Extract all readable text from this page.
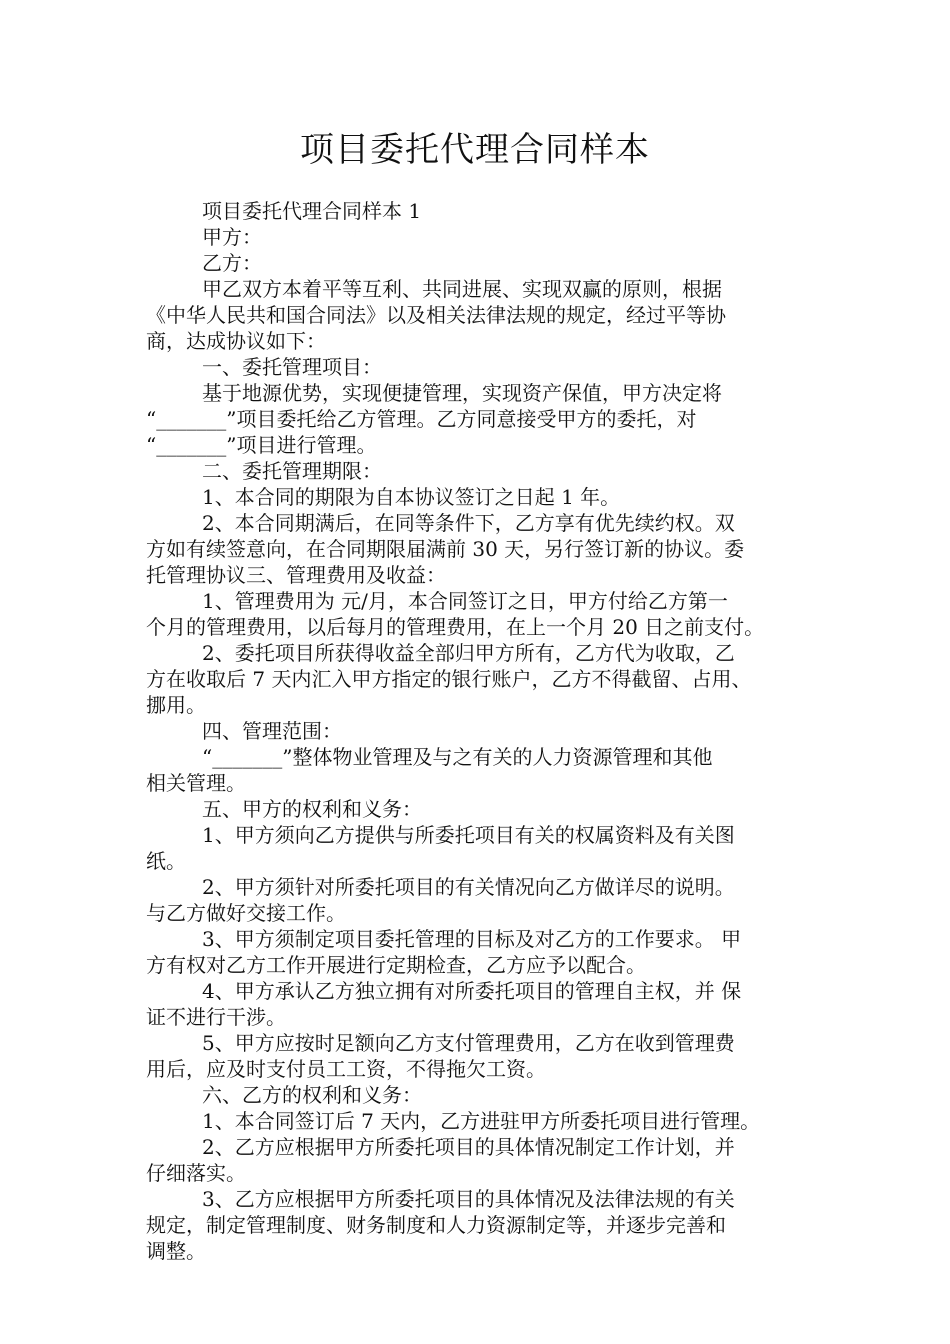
项目委托代理合同样本

项目委托代理合同样本 1

甲方：

乙方：

甲乙双方本着平等互利、共同进展、实现双赢的原则，根据

《中华人民共和国合同法》以及相关法律法规的规定，经过平等协

商，达成协议如下：

一、委托管理项目：

基于地源优势，实现便捷管理，实现资产保值，甲方决定将

“_______”项目委托给乙方管理。乙方同意接受甲方的委托，对

“_______”项目进行管理。

二、委托管理期限：

1、本合同的期限为自本协议签订之日起 1 年。

2、本合同期满后，在同等条件下，乙方享有优先续约权。双

方如有续签意向，在合同期限届满前 30 天，另行签订新的协议。委

托管理协议三、管理费用及收益：

1、管理费用为 元/月，本合同签订之日，甲方付给乙方第一

个月的管理费用，以后每月的管理费用，在上一个月 20 日之前支付。

2、委托项目所获得收益全部归甲方所有，乙方代为收取，乙

方在收取后 7 天内汇入甲方指定的银行账户，乙方不得截留、占用、

挪用。

四、管理范围：

“_______”整体物业管理及与之有关的人力资源管理和其他

相关管理。

五、甲方的权利和义务：

1、甲方须向乙方提供与所委托项目有关的权属资料及有关图

纸。

2、甲方须针对所委托项目的有关情况向乙方做详尽的说明。

与乙方做好交接工作。

3、甲方须制定项目委托管理的目标及对乙方的工作要求。 甲

方有权对乙方工作开展进行定期检查，乙方应予以配合。

4、甲方承认乙方独立拥有对所委托项目的管理自主权，并 保

证不进行干涉。

5、甲方应按时足额向乙方支付管理费用，乙方在收到管理费

用后，应及时支付员工工资，不得拖欠工资。

六、乙方的权利和义务：

1、本合同签订后 7 天内，乙方进驻甲方所委托项目进行管理。

2、乙方应根据甲方所委托项目的具体情况制定工作计划，并

仔细落实。

3、乙方应根据甲方所委托项目的具体情况及法律法规的有关

规定，制定管理制度、财务制度和人力资源制定等，并逐步完善和

调整。
